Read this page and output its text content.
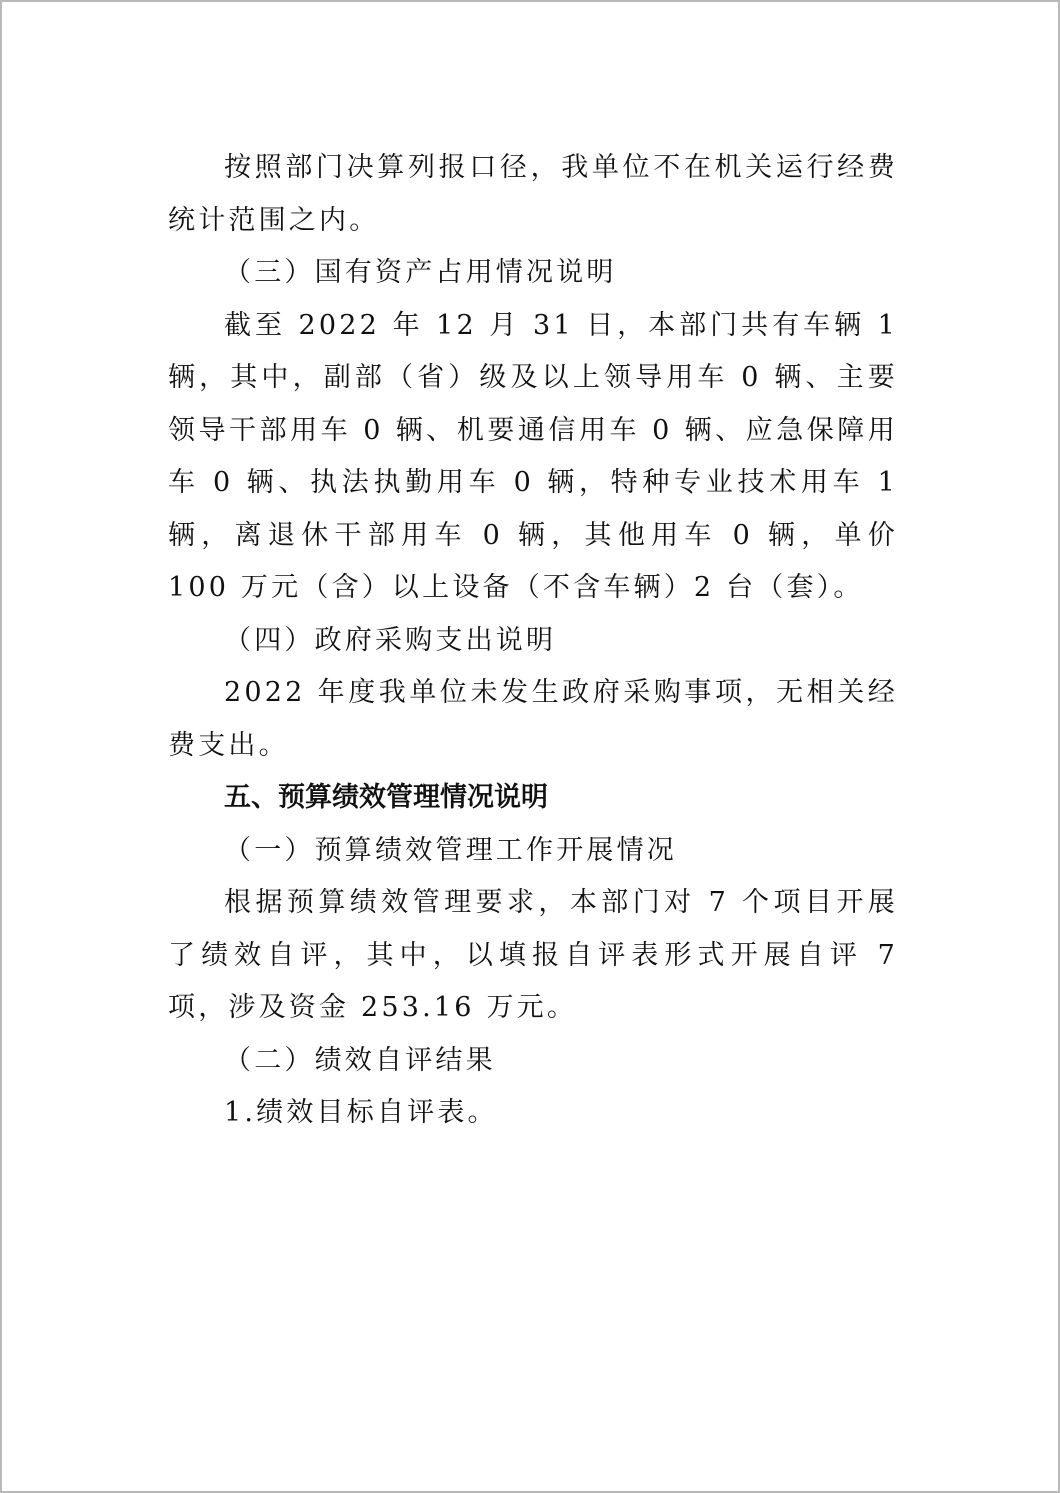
按照部门决算列报口径，我单位不在机关运行经费统计范围之内。

（三）国有资产占用情况说明

截至 2022 年 12 月 31 日，本部门共有车辆 1 辆，其中，副部（省）级及以上领导用车 0 辆、主要领导干部用车 0 辆、机要通信用车 0 辆、应急保障用车 0 辆、执法执勤用车 0 辆，特种专业技术用车 1 辆，离退休干部用车 0 辆，其他用车 0 辆，单价 100 万元（含）以上设备（不含车辆）2 台（套）。

（四）政府采购支出说明

2022 年度我单位未发生政府采购事项，无相关经费支出。

五、预算绩效管理情况说明

（一）预算绩效管理工作开展情况

根据预算绩效管理要求，本部门对 7 个项目开展了绩效自评，其中，以填报自评表形式开展自评 7 项，涉及资金 253.16 万元。

（二）绩效自评结果

1.绩效目标自评表。
